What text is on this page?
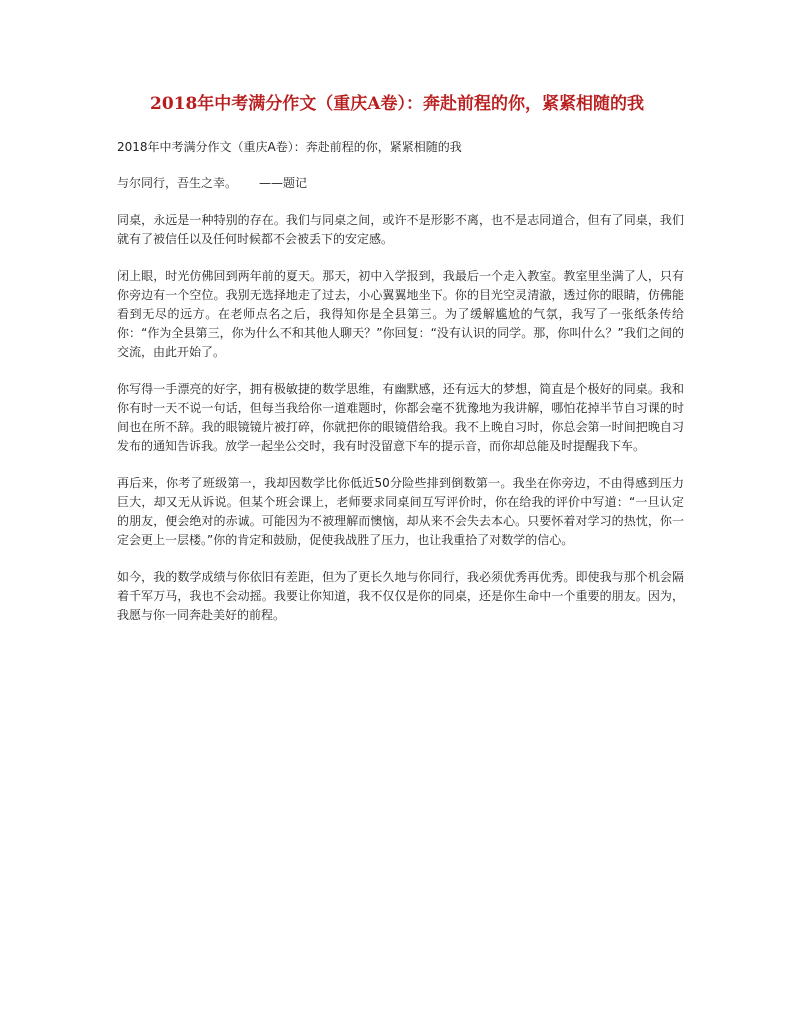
2018年中考满分作文（重庆A卷）：奔赴前程的你，紧紧相随的我

2018年中考满分作文（重庆A卷）：奔赴前程的你，紧紧相随的我

与尔同行，吾生之幸。 ——题记

同桌，永远是一种特别的存在。我们与同桌之间，或许不是形影不离，也不是志同道合，但有了同桌，我们就有了被信任以及任何时候都不会被丢下的安定感。

闭上眼，时光仿佛回到两年前的夏天。那天，初中入学报到，我最后一个走入教室。教室里坐满了人，只有你旁边有一个空位。我别无选择地走了过去，小心翼翼地坐下。你的目光空灵清澈，透过你的眼睛，仿佛能看到无尽的远方。在老师点名之后，我得知你是全县第三。为了缓解尴尬的气氛，我写了一张纸条传给你：“作为全县第三，你为什么不和其他人聊天？”你回复：“没有认识的同学。那，你叫什么？”我们之间的交流，由此开始了。

你写得一手漂亮的好字，拥有极敏捷的数学思维，有幽默感，还有远大的梦想，简直是个极好的同桌。我和你有时一天不说一句话，但每当我给你一道难题时，你都会毫不犹豫地为我讲解，哪怕花掉半节自习课的时间也在所不辞。我的眼镜镜片被打碎，你就把你的眼镜借给我。我不上晚自习时，你总会第一时间把晚自习发布的通知告诉我。放学一起坐公交时，我有时没留意下车的提示音，而你却总能及时提醒我下车。

再后来，你考了班级第一，我却因数学比你低近50分险些排到倒数第一。我坐在你旁边，不由得感到压力巨大，却又无从诉说。但某个班会课上，老师要求同桌间互写评价时，你在给我的评价中写道：“一旦认定的朋友，便会绝对的赤诚。可能因为不被理解而懊恼，却从来不会失去本心。只要怀着对学习的热忱，你一定会更上一层楼。”你的肯定和鼓励，促使我战胜了压力，也让我重拾了对数学的信心。

如今，我的数学成绩与你依旧有差距，但为了更长久地与你同行，我必须优秀再优秀。即使我与那个机会隔着千军万马，我也不会动摇。我要让你知道，我不仅仅是你的同桌，还是你生命中一个重要的朋友。因为，我愿与你一同奔赴美好的前程。
